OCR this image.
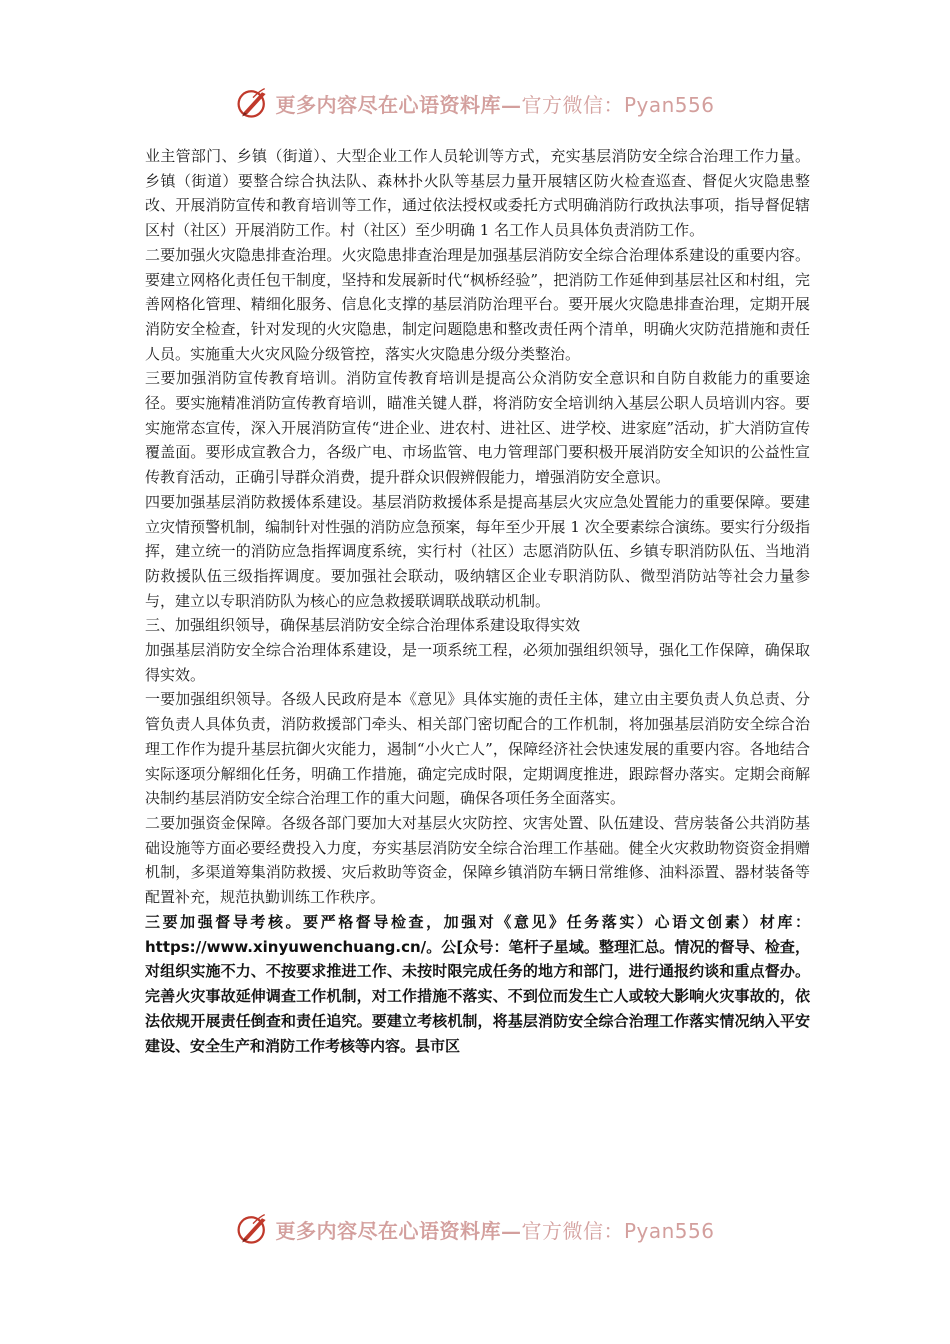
更多内容尽在心语资料库—官方微信：Pyan556

业主管部门、乡镇（街道）、大型企业工作人员轮训等方式，充实基层消防安全综合治理工作力量。乡镇（街道）要整合综合执法队、森林扑火队等基层力量开展辖区防火检查巡查、督促火灾隐患整改、开展消防宣传和教育培训等工作，通过依法授权或委托方式明确消防行政执法事项，指导督促辖区村（社区）开展消防工作。村（社区）至少明确 1 名工作人员具体负责消防工作。

二要加强火灾隐患排查治理。火灾隐患排查治理是加强基层消防安全综合治理体系建设的重要内容。要建立网格化责任包干制度，坚持和发展新时代“枫桥经验”，把消防工作延伸到基层社区和村组，完善网格化管理、精细化服务、信息化支撑的基层消防治理平台。要开展火灾隐患排查治理，定期开展消防安全检查，针对发现的火灾隐患，制定问题隐患和整改责任两个清单，明确火灾防范措施和责任人员。实施重大火灾风险分级管控，落实火灾隐患分级分类整治。

三要加强消防宣传教育培训。消防宣传教育培训是提高公众消防安全意识和自防自救能力的重要途径。要实施精准消防宣传教育培训，瞄准关键人群，将消防安全培训纳入基层公职人员培训内容。要实施常态宣传，深入开展消防宣传“进企业、进农村、进社区、进学校、进家庭”活动，扩大消防宣传覆盖面。要形成宣教合力，各级广电、市场监管、电力管理部门要积极开展消防安全知识的公益性宣传教育活动，正确引导群众消费，提升群众识假辨假能力，增强消防安全意识。

四要加强基层消防救援体系建设。基层消防救援体系是提高基层火灾应急处置能力的重要保障。要建立灾情预警机制，编制针对性强的消防应急预案，每年至少开展 1 次全要素综合演练。要实行分级指挥，建立统一的消防应急指挥调度系统，实行村（社区）志愿消防队伍、乡镇专职消防队伍、当地消防救援队伍三级指挥调度。要加强社会联动，吸纳辖区企业专职消防队、微型消防站等社会力量参与，建立以专职消防队为核心的应急救援联调联战联动机制。

三、加强组织领导，确保基层消防安全综合治理体系建设取得实效

加强基层消防安全综合治理体系建设，是一项系统工程，必须加强组织领导，强化工作保障，确保取得实效。

一要加强组织领导。各级人民政府是本《意见》具体实施的责任主体，建立由主要负责人负总责、分管负责人具体负责，消防救援部门牵头、相关部门密切配合的工作机制，将加强基层消防安全综合治理工作作为提升基层抗御火灾能力，遏制“小火亡人”，保障经济社会快速发展的重要内容。各地结合实际逐项分解细化任务，明确工作措施，确定完成时限，定期调度推进，跟踪督办落实。定期会商解决制约基层消防安全综合治理工作的重大问题，确保各项任务全面落实。

二要加强资金保障。各级各部门要加大对基层火灾防控、灾害处置、队伍建设、营房装备公共消防基础设施等方面必要经费投入力度，夯实基层消防安全综合治理工作基础。健全火灾救助物资资金捐赠机制，多渠道筹集消防救援、灾后救助等资金，保障乡镇消防车辆日常维修、油料添置、器材装备等配置补充，规范执勤训练工作秩序。

三要加强督导考核。要严格督导检查，加强对《意见》任务落实）心语文创素）材库：https://www.xinyuwenchuang.cn/。公[众号：笔杆子星域。整理汇总。情况的督导、检查，对组织实施不力、不按要求推进工作、未按时限完成任务的地方和部门，进行通报约谈和重点督办。完善火灾事故延伸调查工作机制，对工作措施不落实、不到位而发生亡人或较大影响火灾事故的，依法依规开展责任倒查和责任追究。要建立考核机制，将基层消防安全综合治理工作落实情况纳入平安建设、安全生产和消防工作考核等内容。县市区

更多内容尽在心语资料库—官方微信：Pyan556
